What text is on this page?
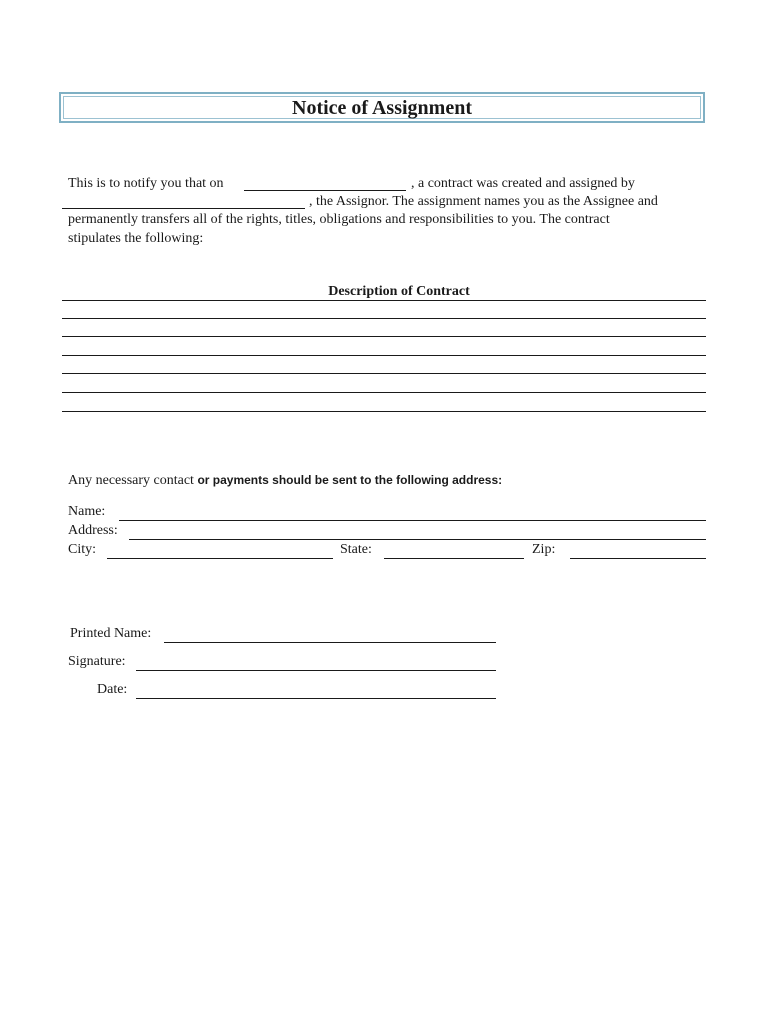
Notice of Assignment
This is to notify you that on	, a contract was created and assigned by
, the Assignor. The assignment names you as the Assignee and
permanently transfers all of the rights, titles, obligations and responsibilities to you. The contract
stipulates the following:
Description of Contract
Any necessary contact or payments should be sent to the following address:
Name:
Address:
City:	State:	Zip:
Printed Name:
Signature:
Date:
